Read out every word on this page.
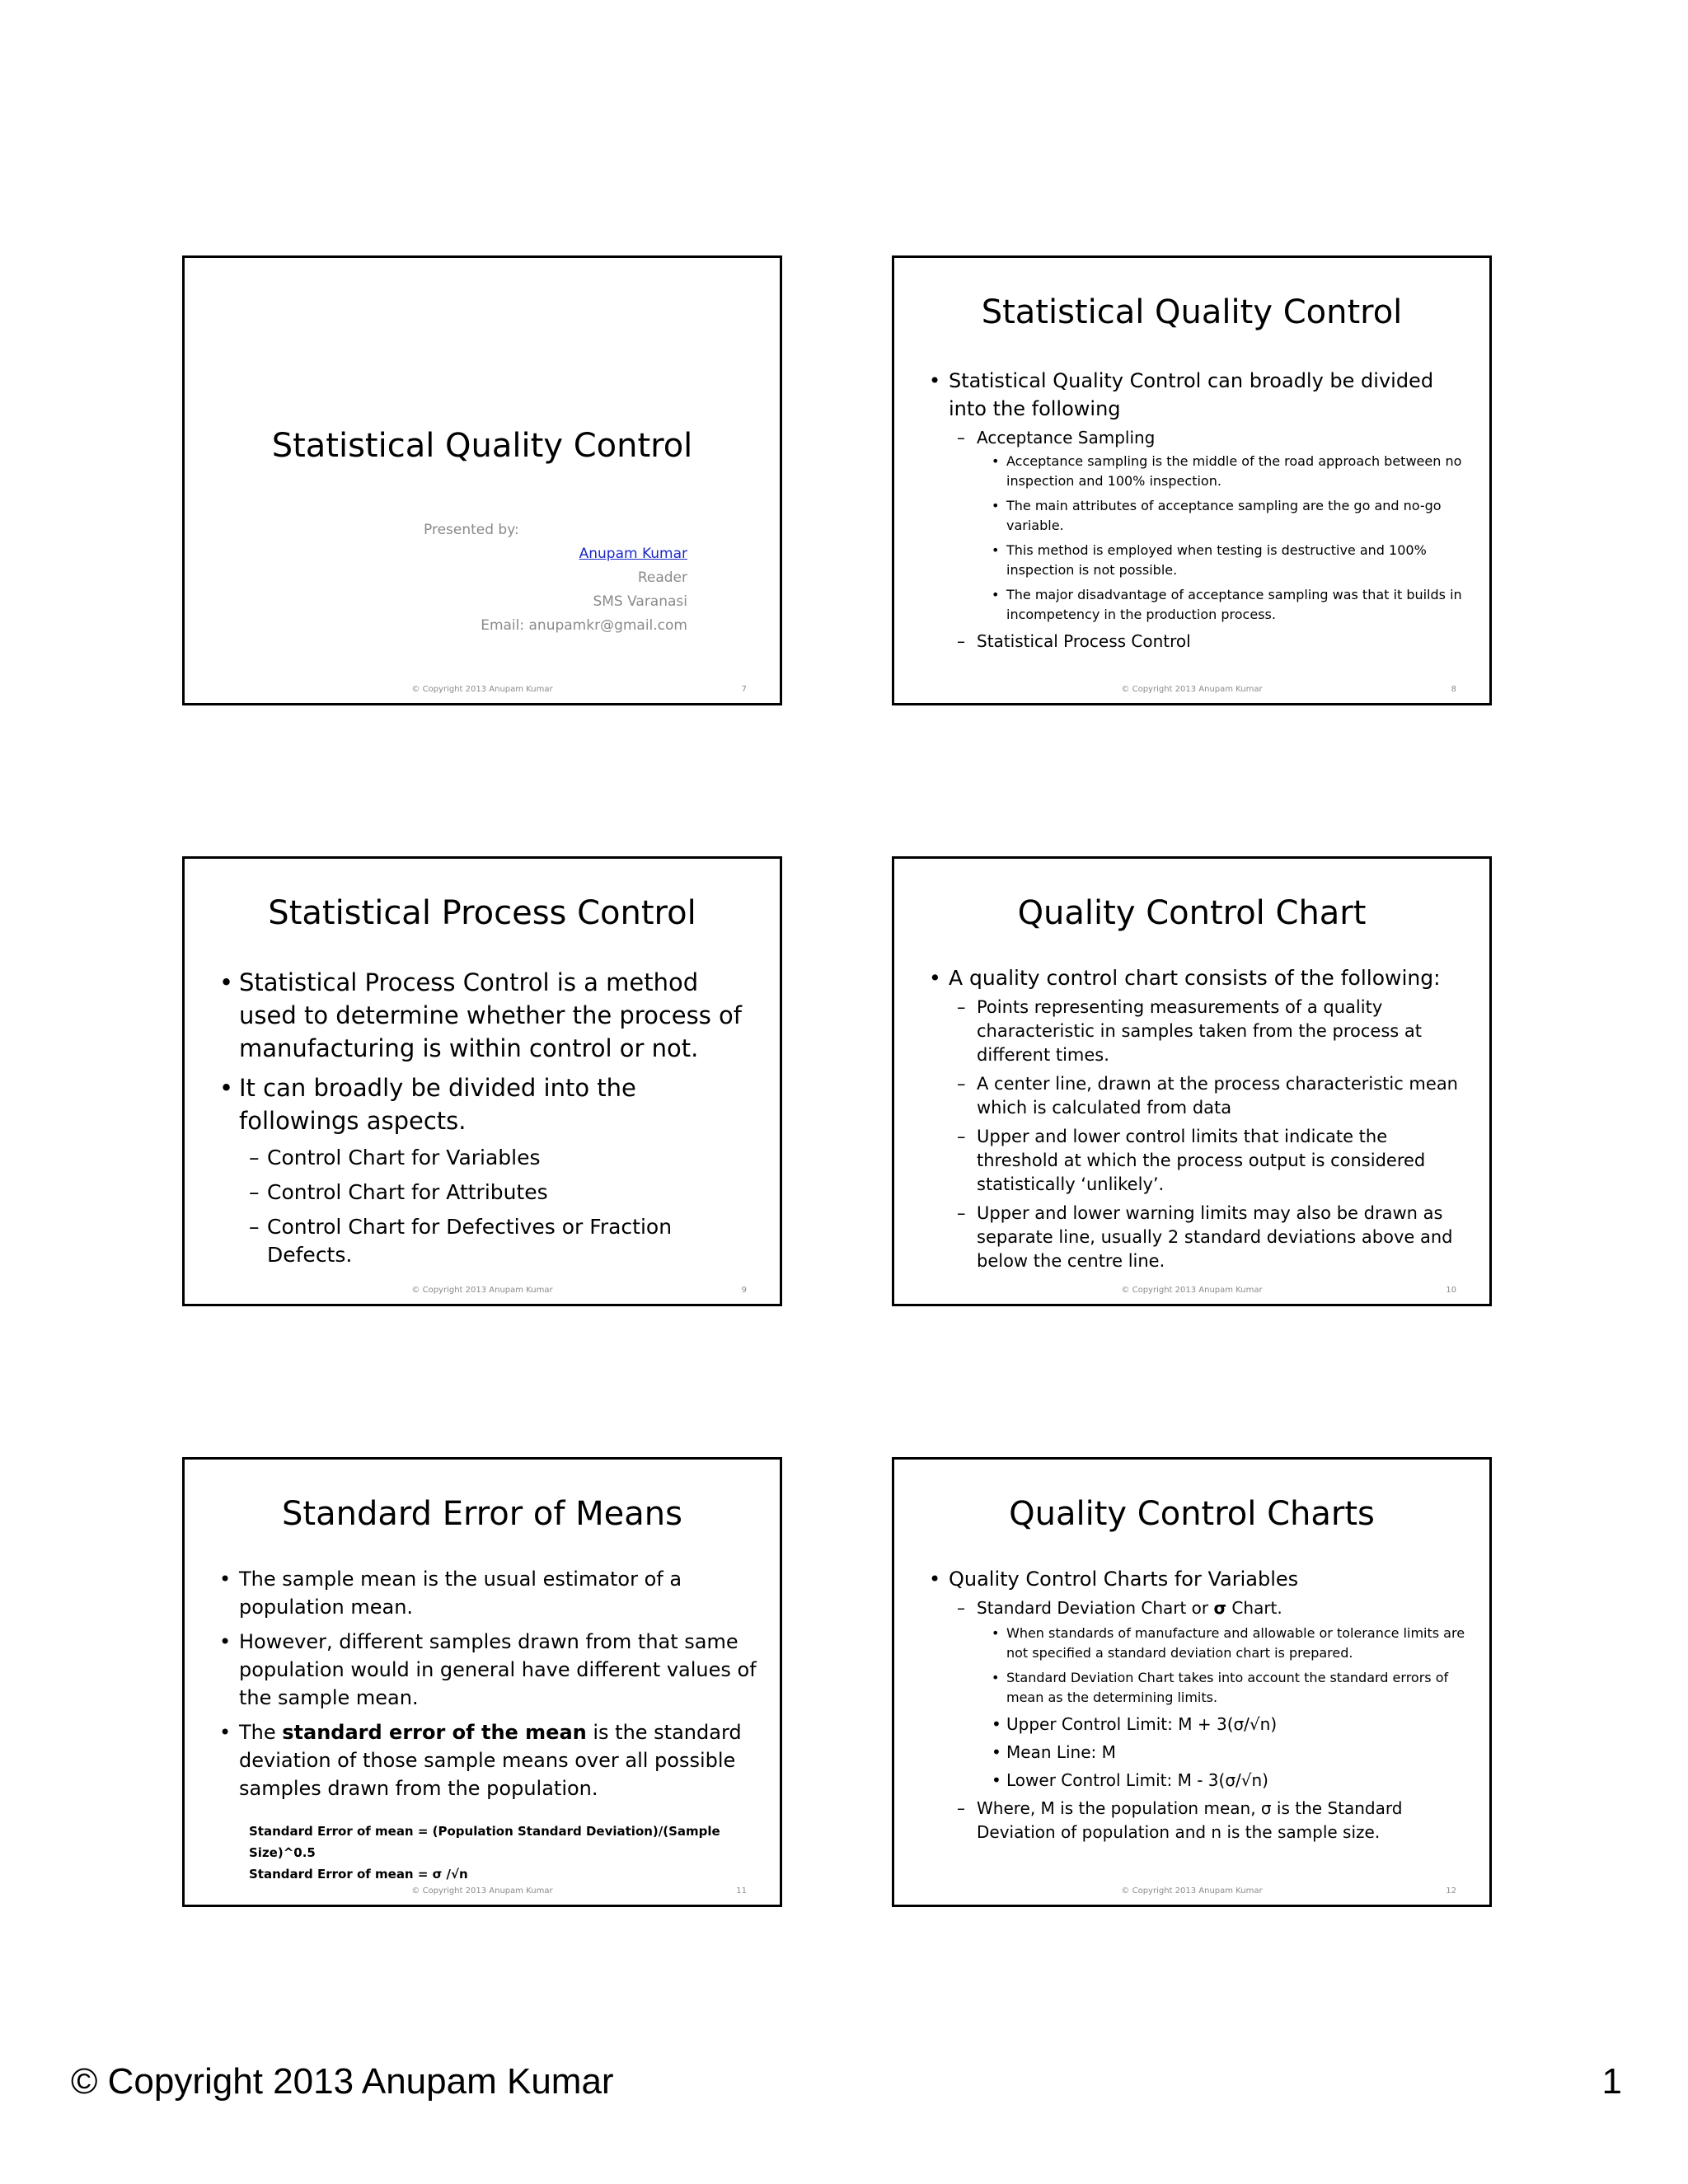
Statistical Quality Control
Presented by:
Anupam Kumar
Reader
SMS Varanasi
Email: anupamkr@gmail.com
© Copyright 2013 Anupam Kumar	7
Statistical Quality Control
• Statistical Quality Control can broadly be divided into the following
– Acceptance Sampling
• Acceptance sampling is the middle of the road approach between no inspection and 100% inspection.
• The main attributes of acceptance sampling are the go and no-go variable.
• This method is employed when testing is destructive and 100% inspection is not possible.
• The major disadvantage of acceptance sampling was that it builds in incompetency in the production process.
– Statistical Process Control
© Copyright 2013 Anupam Kumar	8
Statistical Process Control
• Statistical Process Control is a method used to determine whether the process of manufacturing is within control or not.
• It can broadly be divided into the followings aspects.
– Control Chart for Variables
– Control Chart for Attributes
– Control Chart for Defectives or Fraction Defects.
© Copyright 2013 Anupam Kumar	9
Quality Control Chart
• A quality control chart consists of the following:
– Points representing measurements of a quality characteristic in samples taken from the process at different times.
– A center line, drawn at the process characteristic mean which is calculated from data
– Upper and lower control limits that indicate the threshold at which the process output is considered statistically ‘unlikely’.
– Upper and lower warning limits may also be drawn as separate line, usually 2 standard deviations above and below the centre line.
© Copyright 2013 Anupam Kumar	10
Standard Error of Means
• The sample mean is the usual estimator of a population mean.
• However, different samples drawn from that same population would in general have different values of the sample mean.
• The standard error of the mean is the standard deviation of those sample means over all possible samples drawn from the population.
Standard Error of mean = (Population Standard Deviation)/(Sample Size)^0.5
Standard Error of mean = σ /√n
© Copyright 2013 Anupam Kumar	11
Quality Control Charts
• Quality Control Charts for Variables
– Standard Deviation Chart or σ Chart.
• When standards of manufacture and allowable or tolerance limits are not specified a standard deviation chart is prepared.
• Standard Deviation Chart takes into account the standard errors of mean as the determining limits.
• Upper Control Limit: M + 3(σ/√n)
• Mean Line: M
• Lower Control Limit: M - 3(σ/√n)
– Where, M is the population mean, σ is the Standard Deviation of population and n is the sample size.
© Copyright 2013 Anupam Kumar	12
© Copyright 2013 Anupam Kumar	1
